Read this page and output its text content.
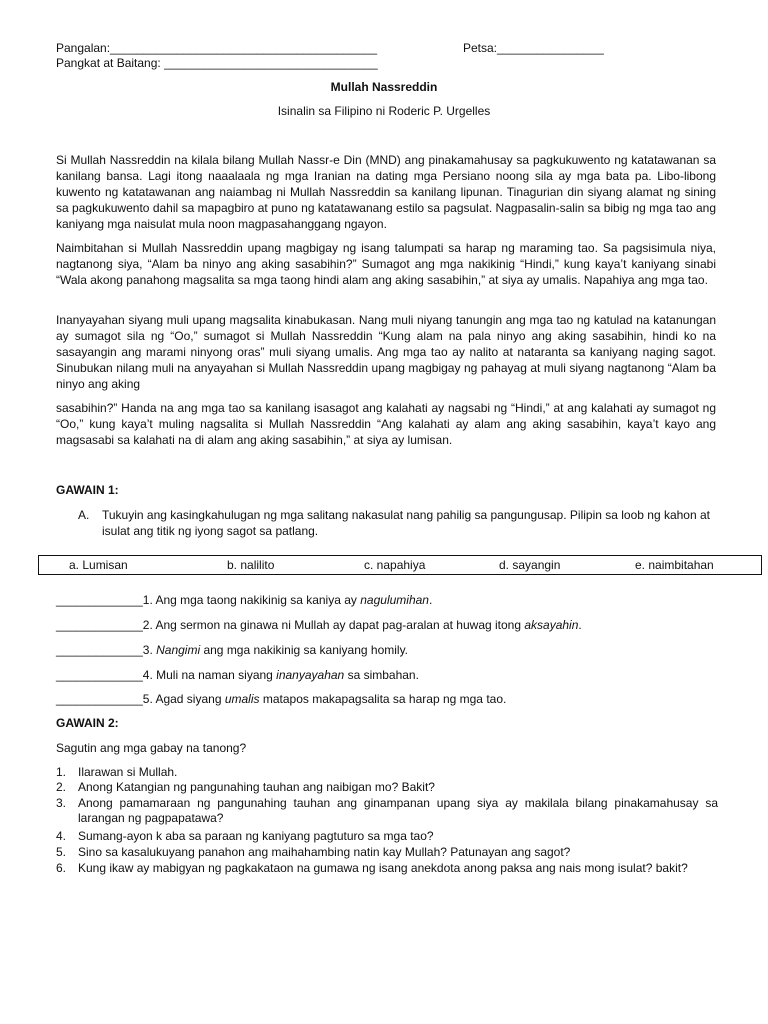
Pangalan:________________________________________	Petsa:________________
Pangkat at Baitang: ________________________________
Mullah Nassreddin
Isinalin sa Filipino ni Roderic P. Urgelles
Si Mullah Nassreddin na kilala bilang Mullah Nassr-e Din (MND) ang pinakamahusay sa pagkukuwento ng katatawanan sa kanilang bansa. Lagi itong naaalaala ng mga Iranian na dating mga Persiano noong sila ay mga bata pa. Libo-libong kuwento ng katatawanan ang naiambag ni Mullah Nassreddin sa kanilang lipunan. Tinagurian din siyang alamat ng sining sa pagkukuwento dahil sa mapagbiro at puno ng katatawanang estilo sa pagsulat. Nagpasalin-salin sa bibig ng mga tao ang kaniyang mga naisulat mula noon magpasahanggang ngayon.
Naimbitahan si Mullah Nassreddin upang magbigay ng isang talumpati sa harap ng maraming tao. Sa pagsisimula niya, nagtanong siya, “Alam ba ninyo ang aking sasabihin?” Sumagot ang mga nakikinig “Hindi,” kung kaya’t kaniyang sinabi “Wala akong panahong magsalita sa mga taong hindi alam ang aking sasabihin,” at siya ay umalis. Napahiya ang mga tao.
Inanyayahan siyang muli upang magsalita kinabukasan. Nang muli niyang tanungin ang mga tao ng katulad na katanungan ay sumagot sila ng “Oo,” sumagot si Mullah Nassreddin “Kung alam na pala ninyo ang aking sasabihin, hindi ko na sasayangin ang marami ninyong oras” muli siyang umalis. Ang mga tao ay nalito at nataranta sa kaniyang naging sagot. Sinubukan nilang muli na anyayahan si Mullah Nassreddin upang magbigay ng pahayag at muli siyang nagtanong “Alam ba ninyo ang aking
sasabihin?” Handa na ang mga tao sa kanilang isasagot ang kalahati ay nagsabi ng “Hindi,” at ang kalahati ay sumagot ng “Oo,” kung kaya’t muling nagsalita si Mullah Nassreddin “Ang kalahati ay alam ang aking sasabihin, kaya’t kayo ang magsasabi sa kalahati na di alam ang aking sasabihin,” at siya ay lumisan.
GAWAIN 1:
A. Tukuyin ang kasingkahulugan ng mga salitang nakasulat nang pahilig sa pangungusap. Pilipin sa loob ng kahon at isulat ang titik ng iyong sagot sa patlang.
a. Lumisan	b. nalilito	c. napahiya	d. sayangin	e. naimbitahan
_____________1. Ang mga taong nakikinig sa kaniya ay nagulumihan.
_____________2. Ang sermon na ginawa ni Mullah ay dapat pag-aralan at huwag itong aksayahin.
_____________3. Nangimi ang mga nakikinig sa kaniyang homily.
_____________4. Muli na naman siyang inanyayahan sa simbahan.
_____________5. Agad siyang umalis matapos makapagsalita sa harap ng mga tao.
GAWAIN 2:
Sagutin ang mga gabay na tanong?
1. Ilarawan si Mullah.
2. Anong Katangian ng pangunahing tauhan ang naibigan mo? Bakit?
3. Anong pamamaraan ng pangunahing tauhan ang ginampanan upang siya ay makilala bilang pinakamahusay sa larangan ng pagpapatawa?
4. Sumang-ayon k aba sa paraan ng kaniyang pagtuturo sa mga tao?
5. Sino sa kasalukuyang panahon ang maihahambing natin kay Mullah? Patunayan ang sagot?
6. Kung ikaw ay mabigyan ng pagkakataon na gumawa ng isang anekdota anong paksa ang nais mong isulat? bakit?
